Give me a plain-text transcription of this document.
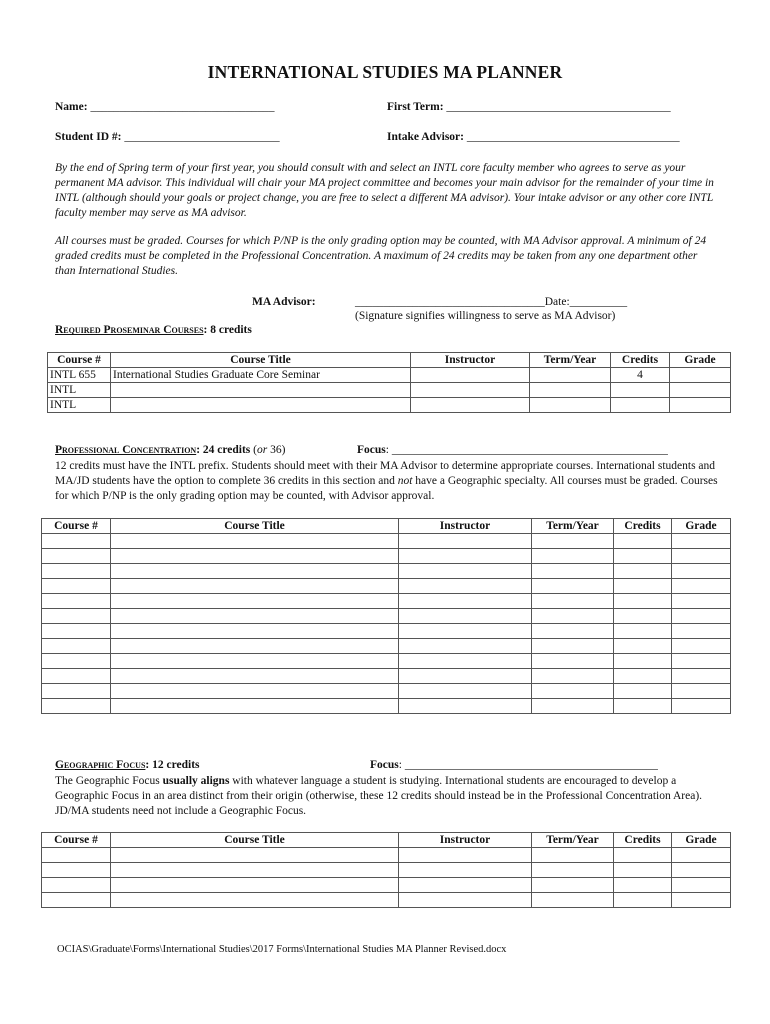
INTERNATIONAL STUDIES MA PLANNER
Name: ________________________________	First Term: _______________________________________
Student ID #: ___________________________	Intake Advisor: _____________________________________
By the end of Spring term of your first year, you should consult with and select an INTL core faculty member who agrees to serve as your permanent MA advisor. This individual will chair your MA project committee and becomes your main advisor for the remainder of your time in INTL (although should your goals or project change, you are free to select a different MA advisor). Your intake advisor or any other core INTL faculty member may serve as MA advisor.
All courses must be graded. Courses for which P/NP is the only grading option may be counted, with MA Advisor approval. A minimum of 24 graded credits must be completed in the Professional Concentration. A maximum of 24 credits may be taken from any one department other than International Studies.
MA Advisor:	_________________________________Date:__________
(Signature signifies willingness to serve as MA Advisor)
Required Proseminar Courses: 8 credits
Course #	Course Title	Instructor	Term/Year	Credits	Grade
INTL 655	International Studies Graduate Core Seminar			4	
INTL					
INTL					
Professional Concentration: 24 credits (or 36)	Focus: ________________________________________________
12 credits must have the INTL prefix. Students should meet with their MA Advisor to determine appropriate courses. International students and MA/JD students have the option to complete 36 credits in this section and not have a Geographic specialty. All courses must be graded. Courses for which P/NP is the only grading option may be counted, with Advisor approval.
Course #	Course Title	Instructor	Term/Year	Credits	Grade

Geographic Focus: 12 credits	Focus: ____________________________________________
The Geographic Focus usually aligns with whatever language a student is studying. International students are encouraged to develop a Geographic Focus in an area distinct from their origin (otherwise, these 12 credits should instead be in the Professional Concentration Area). JD/MA students need not include a Geographic Focus.
Course #	Course Title	Instructor	Term/Year	Credits	Grade

OCIAS\Graduate\Forms\International Studies\2017 Forms\International Studies MA Planner Revised.docx
